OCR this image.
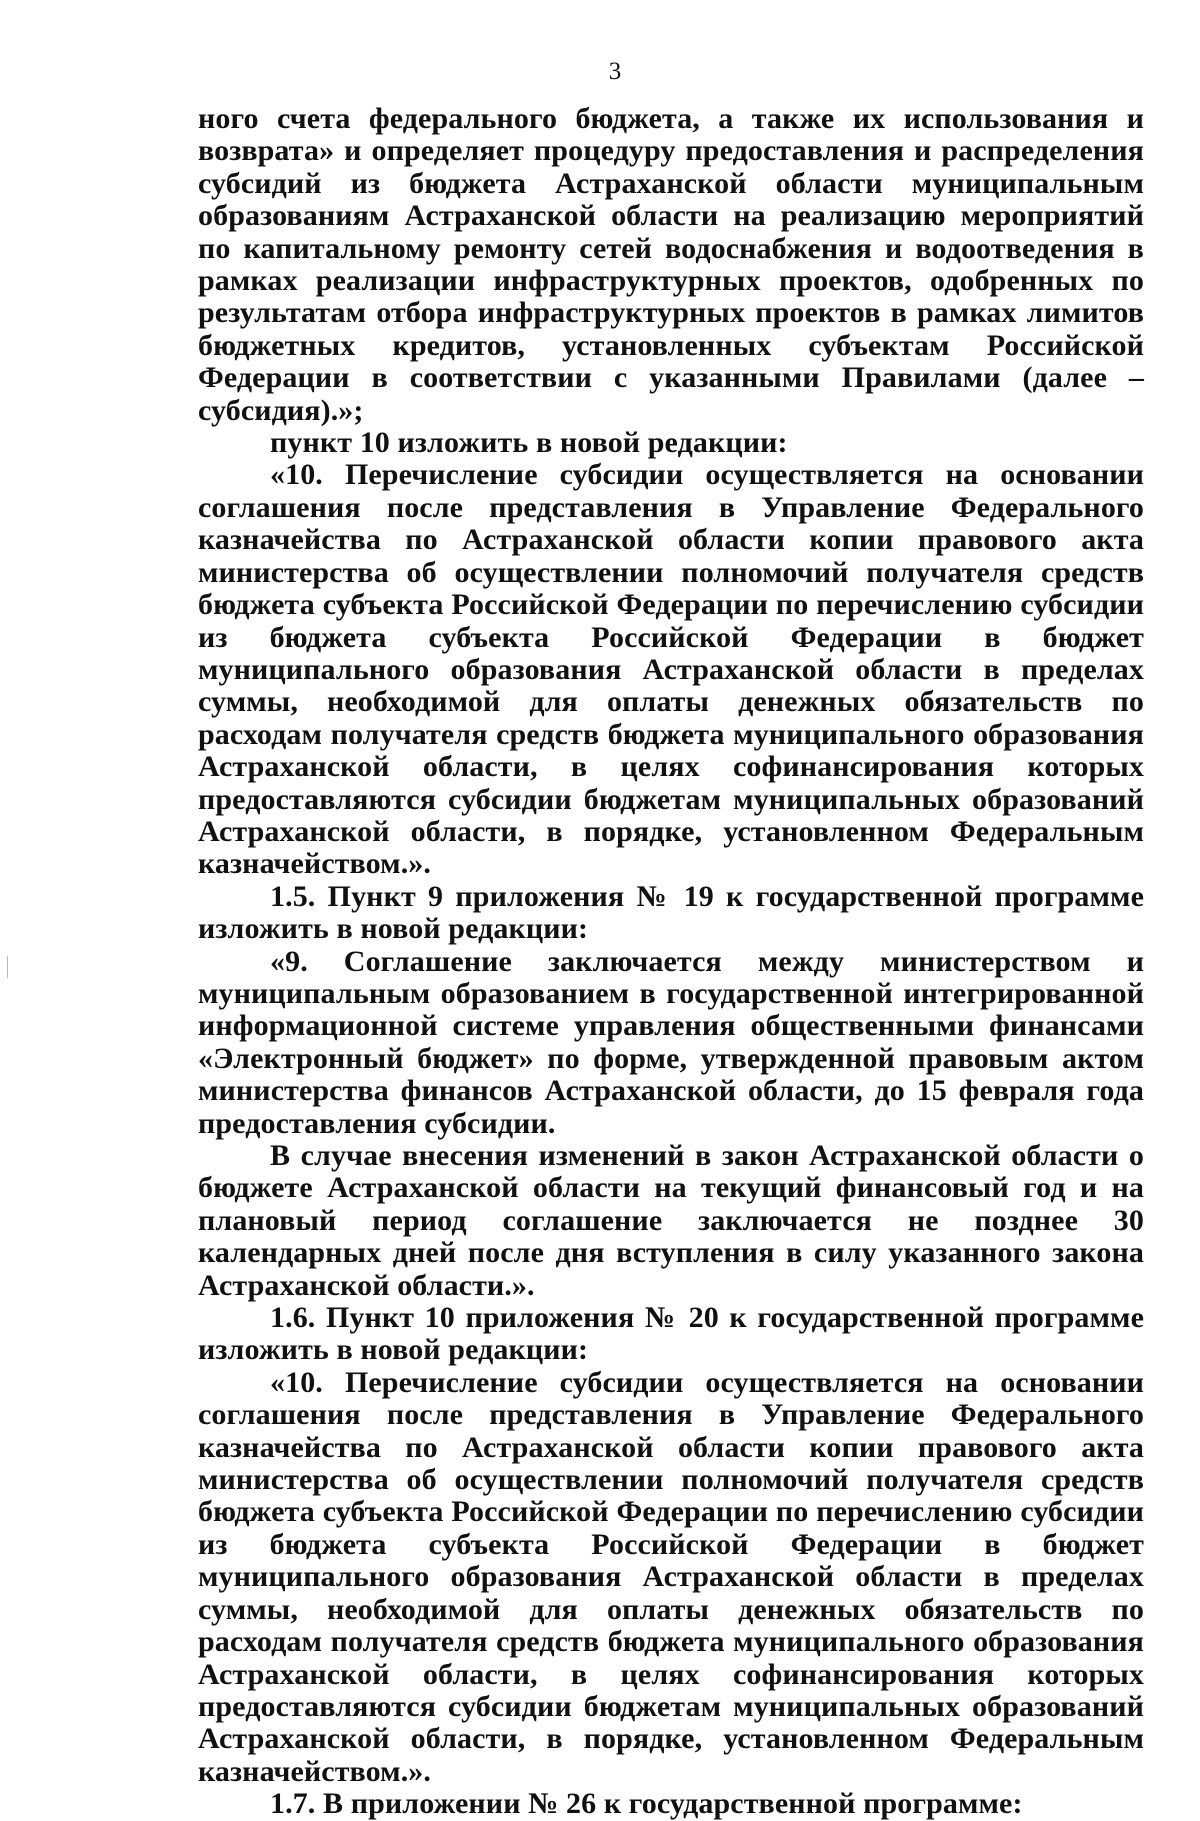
3

ного счета федерального бюджета, а также их использования и возврата» и определяет процедуру предоставления и распределения субсидий из бюджета Астраханской области муниципальным образованиям Астраханской области на реализацию мероприятий по капитальному ремонту сетей водоснабжения и водоотведения в рамках реализации инфраструктурных проектов, одобренных по результатам отбора инфраструктурных проектов в рамках лимитов бюджетных кредитов, установленных субъектам Российской Федерации в соответствии с указанными Правилами (далее – субсидия).»;

пункт 10 изложить в новой редакции:

«10. Перечисление субсидии осуществляется на основании соглашения после представления в Управление Федерального казначейства по Астраханской области копии правового акта министерства об осуществлении полномочий получателя средств бюджета субъекта Российской Федерации по перечислению субсидии из бюджета субъекта Российской Федерации в бюджет муниципального образования Астраханской области в пределах суммы, необходимой для оплаты денежных обязательств по расходам получателя средств бюджета муниципального образования Астраханской области, в целях софинансирования которых предоставляются субсидии бюджетам муниципальных образований Астраханской области, в порядке, установленном Федеральным казначейством.».

1.5. Пункт 9 приложения № 19 к государственной программе изложить в новой редакции:

«9. Соглашение заключается между министерством и муниципальным образованием в государственной интегрированной информационной системе управления общественными финансами «Электронный бюджет» по форме, утвержденной правовым актом министерства финансов Астраханской области, до 15 февраля года предоставления субсидии.

В случае внесения изменений в закон Астраханской области о бюджете Астраханской области на текущий финансовый год и на плановый период соглашение заключается не позднее 30 календарных дней после дня вступления в силу указанного закона Астраханской области.».

1.6. Пункт 10 приложения № 20 к государственной программе изложить в новой редакции:

«10. Перечисление субсидии осуществляется на основании соглашения после представления в Управление Федерального казначейства по Астраханской области копии правового акта министерства об осуществлении полномочий получателя средств бюджета субъекта Российской Федерации по перечислению субсидии из бюджета субъекта Российской Федерации в бюджет муниципального образования Астраханской области в пределах суммы, необходимой для оплаты денежных обязательств по расходам получателя средств бюджета муниципального образования Астраханской области, в целях софинансирования которых предоставляются субсидии бюджетам муниципальных образований Астраханской области, в порядке, установленном Федеральным казначейством.».

1.7. В приложении № 26 к государственной программе:
